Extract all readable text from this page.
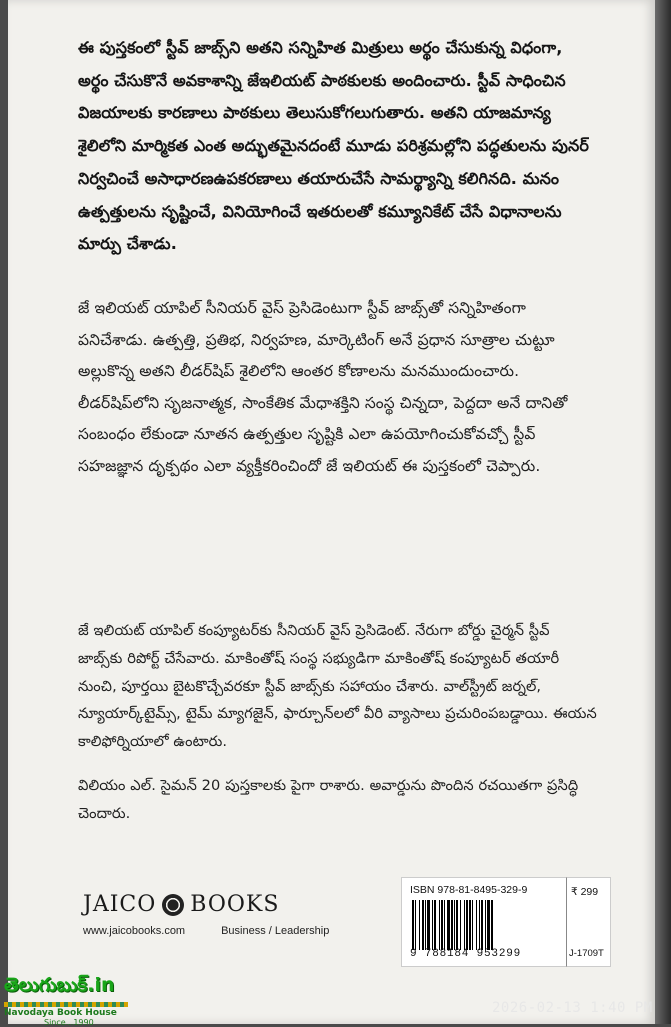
ఈ పుస్తకంలో స్టీవ్ జాబ్స్‌ని అతని సన్నిహిత మిత్రులు అర్థం చేసుకున్న విధంగా, అర్థం చేసుకొనే అవకాశాన్ని జేఇలియట్ పాఠకులకు అందించారు. స్టీవ్ సాధించిన విజయాలకు కారణాలు పాఠకులు తెలుసుకోగలుగుతారు. అతని యాజమాన్య శైలిలోని మార్మికత ఎంత అద్భుతమైనదంటే మూడు పరిశ్రమల్లోని పద్ధతులను పునర్ నిర్వచించే అసాధారణఉపకరణాలు తయారుచేసే సామర్థ్యాన్ని కలిగినది. మనం ఉత్పత్తులను సృష్టించే, వినియోగించే ఇతరులతో కమ్యూనికేట్ చేసే విధానాలను మార్పు చేశాడు.

జే ఇలియట్ యాపిల్ సీనియర్ వైస్ ప్రెసిడెంటుగా స్టీవ్ జాబ్స్‌తో సన్నిహితంగా పనిచేశాడు. ఉత్పత్తి, ప్రతిభ, నిర్వహణ, మార్కెటింగ్ అనే ప్రధాన సూత్రాల చుట్టూ అల్లుకొన్న అతని లీడర్‌షిప్ శైలిలోని ఆంతర కోణాలను మనముందుంచారు. లీడర్‌షిప్‌లోని సృజనాత్మక, సాంకేతిక మేధాశక్తిని సంస్థ చిన్నదా, పెద్దదా అనే దానితో సంబంధం లేకుండా నూతన ఉత్పత్తుల సృష్టికి ఎలా ఉపయోగించుకోవచ్చో స్టీవ్ సహజజ్ఞాన దృక్పథం ఎలా వ్యక్తీకరించిందో జే ఇలియట్ ఈ పుస్తకంలో చెప్పారు.

జే ఇలియట్ యాపిల్ కంప్యూటర్‌కు సీనియర్ వైస్ ప్రెసిడెంట్. నేరుగా బోర్డు చైర్మన్ స్టీవ్ జాబ్స్‌కు రిపోర్ట్ చేసేవారు. మాకింతోష్ సంస్థ సభ్యుడిగా మాకింతోష్ కంప్యూటర్ తయారీ నుంచి, పూర్తయి బైటకొచ్చేవరకూ స్టీవ్ జాబ్స్‌కు సహాయం చేశారు. వాల్‌స్ట్రీట్ జర్నల్, న్యూయార్క్‌టైమ్స్, టైమ్ మ్యాగజైన్, ఫార్చూన్‌లలో వీరి వ్యాసాలు ప్రచురింపబడ్డాయి. ఈయన కాలిఫోర్నియాలో ఉంటారు.

విలియం ఎల్. సైమన్ 20 పుస్తకాలకు పైగా రాశారు. అవార్డును పొందిన రచయితగా ప్రసిద్ధి చెందారు.

JAICO BOOKS
www.jaicobooks.com	Business / Leadership
ISBN 978-81-8495-329-9
9 788184 953299
₹ 299
J-1709T
తెలుగుబుక్.in
Navodaya Book House
Since...1990
2026-02-13 1:40 PM
